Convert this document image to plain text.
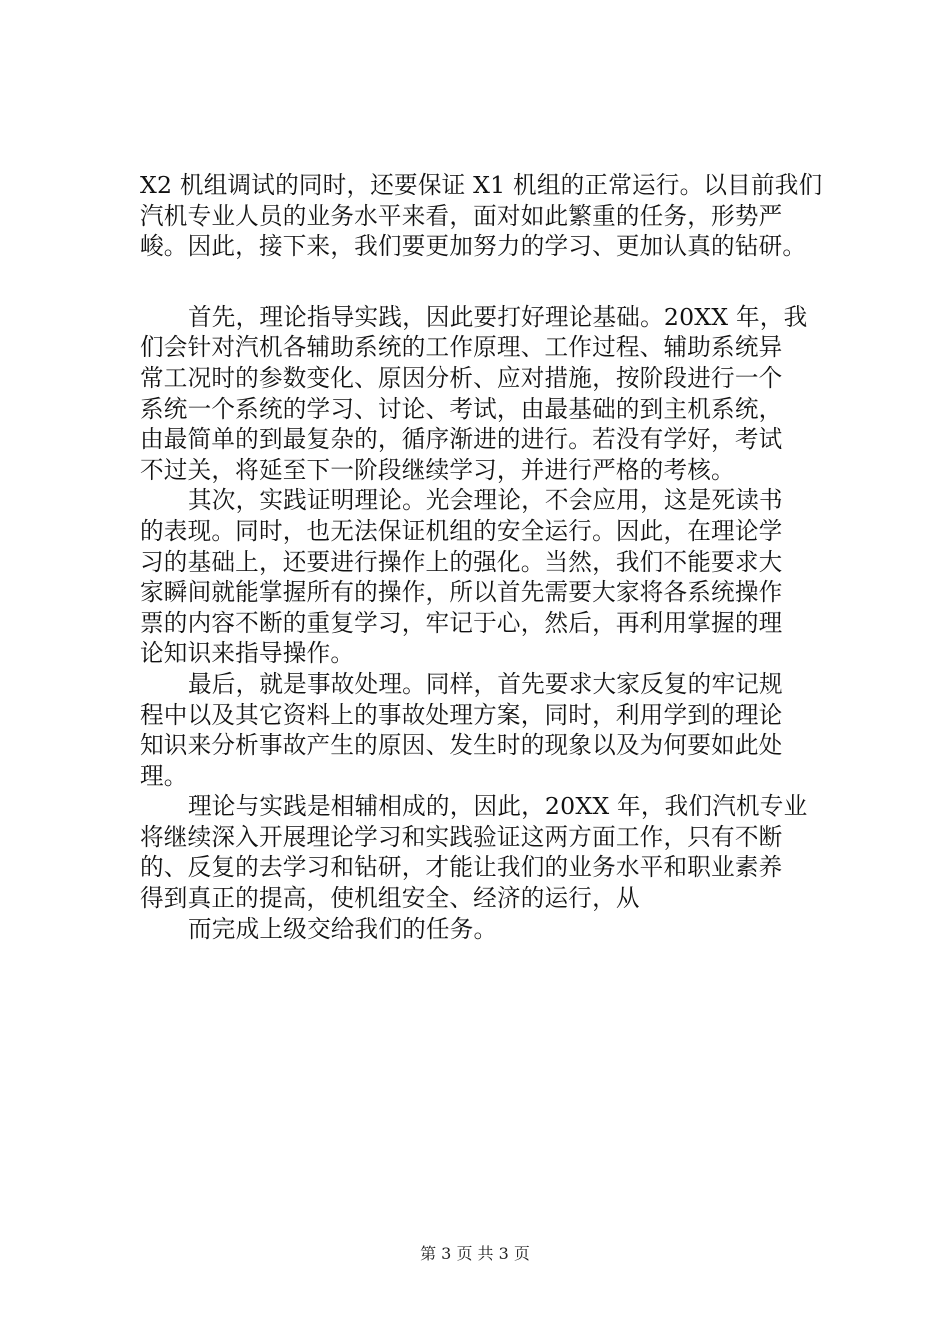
X2 机组调试的同时，还要保证 X1 机组的正常运行。以目前我们
汽机专业人员的业务水平来看，面对如此繁重的任务，形势严
峻。因此，接下来，我们要更加努力的学习、更加认真的钻研。
首先，理论指导实践，因此要打好理论基础。20XX 年，我
们会针对汽机各辅助系统的工作原理、工作过程、辅助系统异
常工况时的参数变化、原因分析、应对措施，按阶段进行一个
系统一个系统的学习、讨论、考试，由最基础的到主机系统，
由最简单的到最复杂的，循序渐进的进行。若没有学好，考试
不过关，将延至下一阶段继续学习，并进行严格的考核。
其次，实践证明理论。光会理论，不会应用，这是死读书
的表现。同时，也无法保证机组的安全运行。因此，在理论学
习的基础上，还要进行操作上的强化。当然，我们不能要求大
家瞬间就能掌握所有的操作，所以首先需要大家将各系统操作
票的内容不断的重复学习，牢记于心，然后，再利用掌握的理
论知识来指导操作。
最后，就是事故处理。同样，首先要求大家反复的牢记规
程中以及其它资料上的事故处理方案，同时，利用学到的理论
知识来分析事故产生的原因、发生时的现象以及为何要如此处
理。
理论与实践是相辅相成的，因此，20XX 年，我们汽机专业
将继续深入开展理论学习和实践验证这两方面工作，只有不断
的、反复的去学习和钻研，才能让我们的业务水平和职业素养
得到真正的提高，使机组安全、经济的运行，从
而完成上级交给我们的任务。
第 3 页 共 3 页
